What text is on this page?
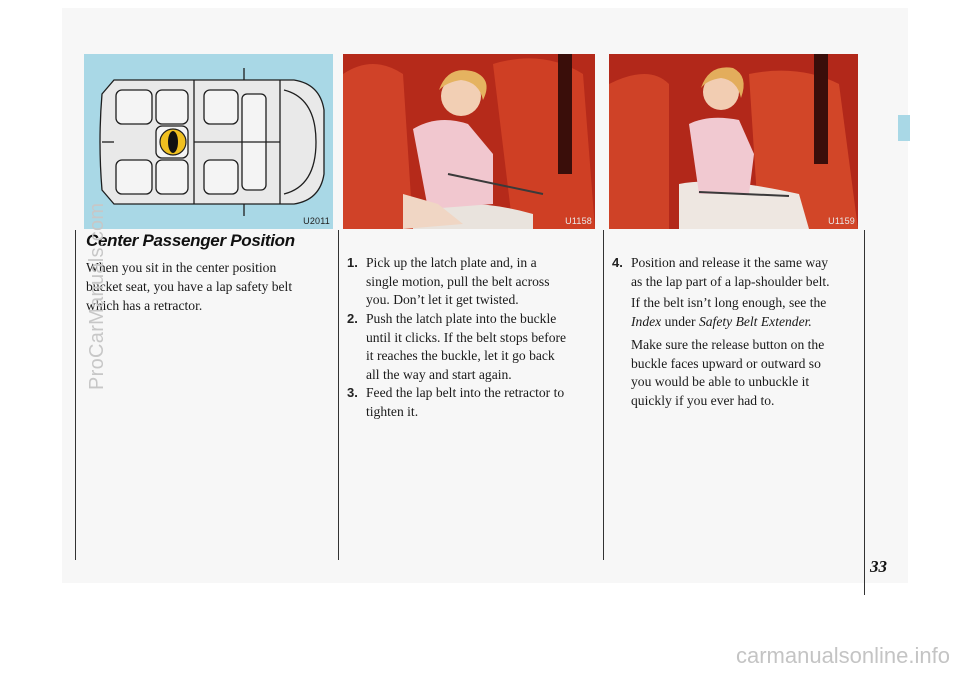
U2011	U1158	U1159
Center Passenger Position
When you sit in the center position
bucket seat, you have a lap safety belt
which has a retractor.
1. Pick up the latch plate and, in a
single motion, pull the belt across
you. Don’t let it get twisted.
2. Push the latch plate into the buckle
until it clicks. If the belt stops before
it reaches the buckle, let it go back
all the way and start again.
3. Feed the lap belt into the retractor to
tighten it.
4. Position and release it the same way
as the lap part of a lap-shoulder belt.
If the belt isn’t long enough, see the
Index under Safety Belt Extender.
Make sure the release button on the
buckle faces upward or outward so
you would be able to unbuckle it
quickly if you ever had to.
33
carmanualsonline.info
